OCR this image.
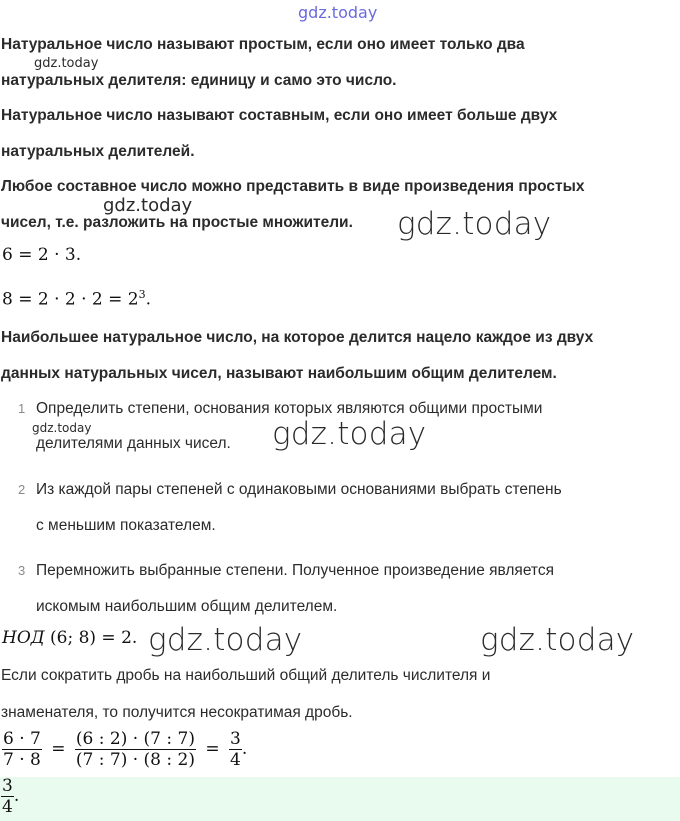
gdz.today
Натуральное число называют простым, если оно имеет только два
gdz.today
натуральных делителя: единицу и само это число.
Натуральное число называют составным, если оно имеет больше двух
натуральных делителей.
Любое составное число можно представить в виде произведения простых
gdz.today
чисел, т.е. разложить на простые множители. gdz.today
6 = 2 · 3.
$8 = 2 \cdot 2 \cdot 2 = 2^3$.
Наибольшее натуральное число, на которое делится нацело каждое из двух
данных натуральных чисел, называют наибольшим общим делителем.
1 Определить степени, основания которых являются общими простыми
gdz.today
делителями данных чисел. gdz.today
2 Из каждой пары степеней с одинаковыми основаниями выбрать степень
с меньшим показателем.
3 Перемножить выбранные степени. Полученное произведение является
искомым наибольшим общим делителем.
НОД (6; 8) = 2. gdz.today	gdz.today
Если сократить дробь на наибольший общий делитель числителя и
знаменателя, то получится несократимая дробь.
$\frac{6 \cdot 7}{7 \cdot 8} = \frac{(6 : 2) \cdot (7 : 7)}{(7 : 7) \cdot (8 : 2)} = \frac{3}{4}$ .
$\frac{3}{4}$ .
